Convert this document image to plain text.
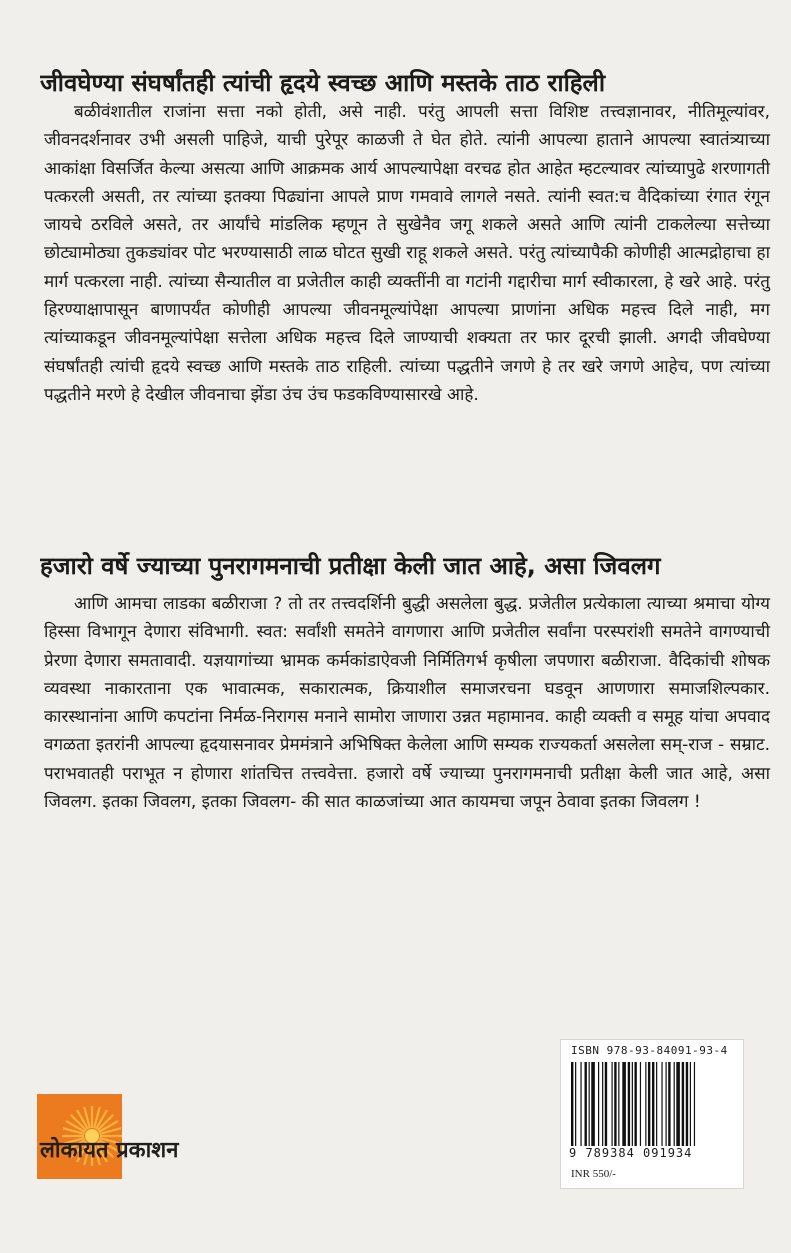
जीवघेण्या संघर्षांतही त्यांची हृदये स्वच्छ आणि मस्तके ताठ राहिली

बळीवंशातील राजांना सत्ता नको होती, असे नाही. परंतु आपली सत्ता विशिष्ट तत्त्वज्ञानावर, नीतिमूल्यांवर, जीवनदर्शनावर उभी असली पाहिजे, याची पुरेपूर काळजी ते घेत होते. त्यांनी आपल्या हाताने आपल्या स्वातंत्र्याच्या आकांक्षा विसर्जित केल्या असत्या आणि आक्रमक आर्य आपल्यापेक्षा वरचढ होत आहेत म्हटल्यावर त्यांच्यापुढे शरणागती पत्करली असती, तर त्यांच्या इतक्या पिढ्यांना आपले प्राण गमवावे लागले नसते. त्यांनी स्वत:च वैदिकांच्या रंगात रंगून जायचे ठरविले असते, तर आर्यांचे मांडलिक म्हणून ते सुखेनैव जगू शकले असते आणि त्यांनी टाकलेल्या सत्तेच्या छोट्यामोठ्या तुकड्यांवर पोट भरण्यासाठी लाळ घोटत सुखी राहू शकले असते. परंतु त्यांच्यापैकी कोणीही आत्मद्रोहाचा हा मार्ग पत्करला नाही. त्यांच्या सैन्यातील वा प्रजेतील काही व्यक्तींनी वा गटांनी गद्दारीचा मार्ग स्वीकारला, हे खरे आहे. परंतु हिरण्याक्षापासून बाणापर्यंत कोणीही आपल्या जीवनमूल्यांपेक्षा आपल्या प्राणांना अधिक महत्त्व दिले नाही, मग त्यांच्याकडून जीवनमूल्यांपेक्षा सत्तेला अधिक महत्त्व दिले जाण्याची शक्यता तर फार दूरची झाली. अगदी जीवघेण्या संघर्षांतही त्यांची हृदये स्वच्छ आणि मस्तके ताठ राहिली. त्यांच्या पद्धतीने जगणे हे तर खरे जगणे आहेच, पण त्यांच्या पद्धतीने मरणे हे देखील जीवनाचा झेंडा उंच उंच फडकविण्यासारखे आहे.

हजारो वर्षे ज्याच्या पुनरागमनाची प्रतीक्षा केली जात आहे, असा जिवलग

आणि आमचा लाडका बळीराजा ? तो तर तत्त्वदर्शिनी बुद्धी असलेला बुद्ध. प्रजेतील प्रत्येकाला त्याच्या श्रमाचा योग्य हिस्सा विभागून देणारा संविभागी. स्वत: सर्वांशी समतेने वागणारा आणि प्रजेतील सर्वांना परस्परांशी समतेने वागण्याची प्रेरणा देणारा समतावादी. यज्ञयागांच्या भ्रामक कर्मकांडाऐवजी निर्मितिगर्भ कृषीला जपणारा बळीराजा. वैदिकांची शोषक व्यवस्था नाकारताना एक भावात्मक, सकारात्मक, क्रियाशील समाजरचना घडवून आणणारा समाजशिल्पकार. कारस्थानांना आणि कपटांना निर्मळ-निरागस मनाने सामोरा जाणारा उन्नत महामानव. काही व्यक्ती व समूह यांचा अपवाद वगळता इतरांनी आपल्या हृदयासनावर प्रेममंत्राने अभिषिक्त केलेला आणि सम्यक राज्यकर्ता असलेला सम्-राज - सम्राट. पराभवातही पराभूत न होणारा शांतचित्त तत्त्ववेत्ता. हजारो वर्षे ज्याच्या पुनरागमनाची प्रतीक्षा केली जात आहे, असा जिवलग. इतका जिवलग, इतका जिवलग- की सात काळजांच्या आत कायमचा जपून ठेवावा इतका जिवलग !

ISBN 978-93-84091-93-4
9 789384 091934
INR 550/-
लोकायत प्रकाशन
